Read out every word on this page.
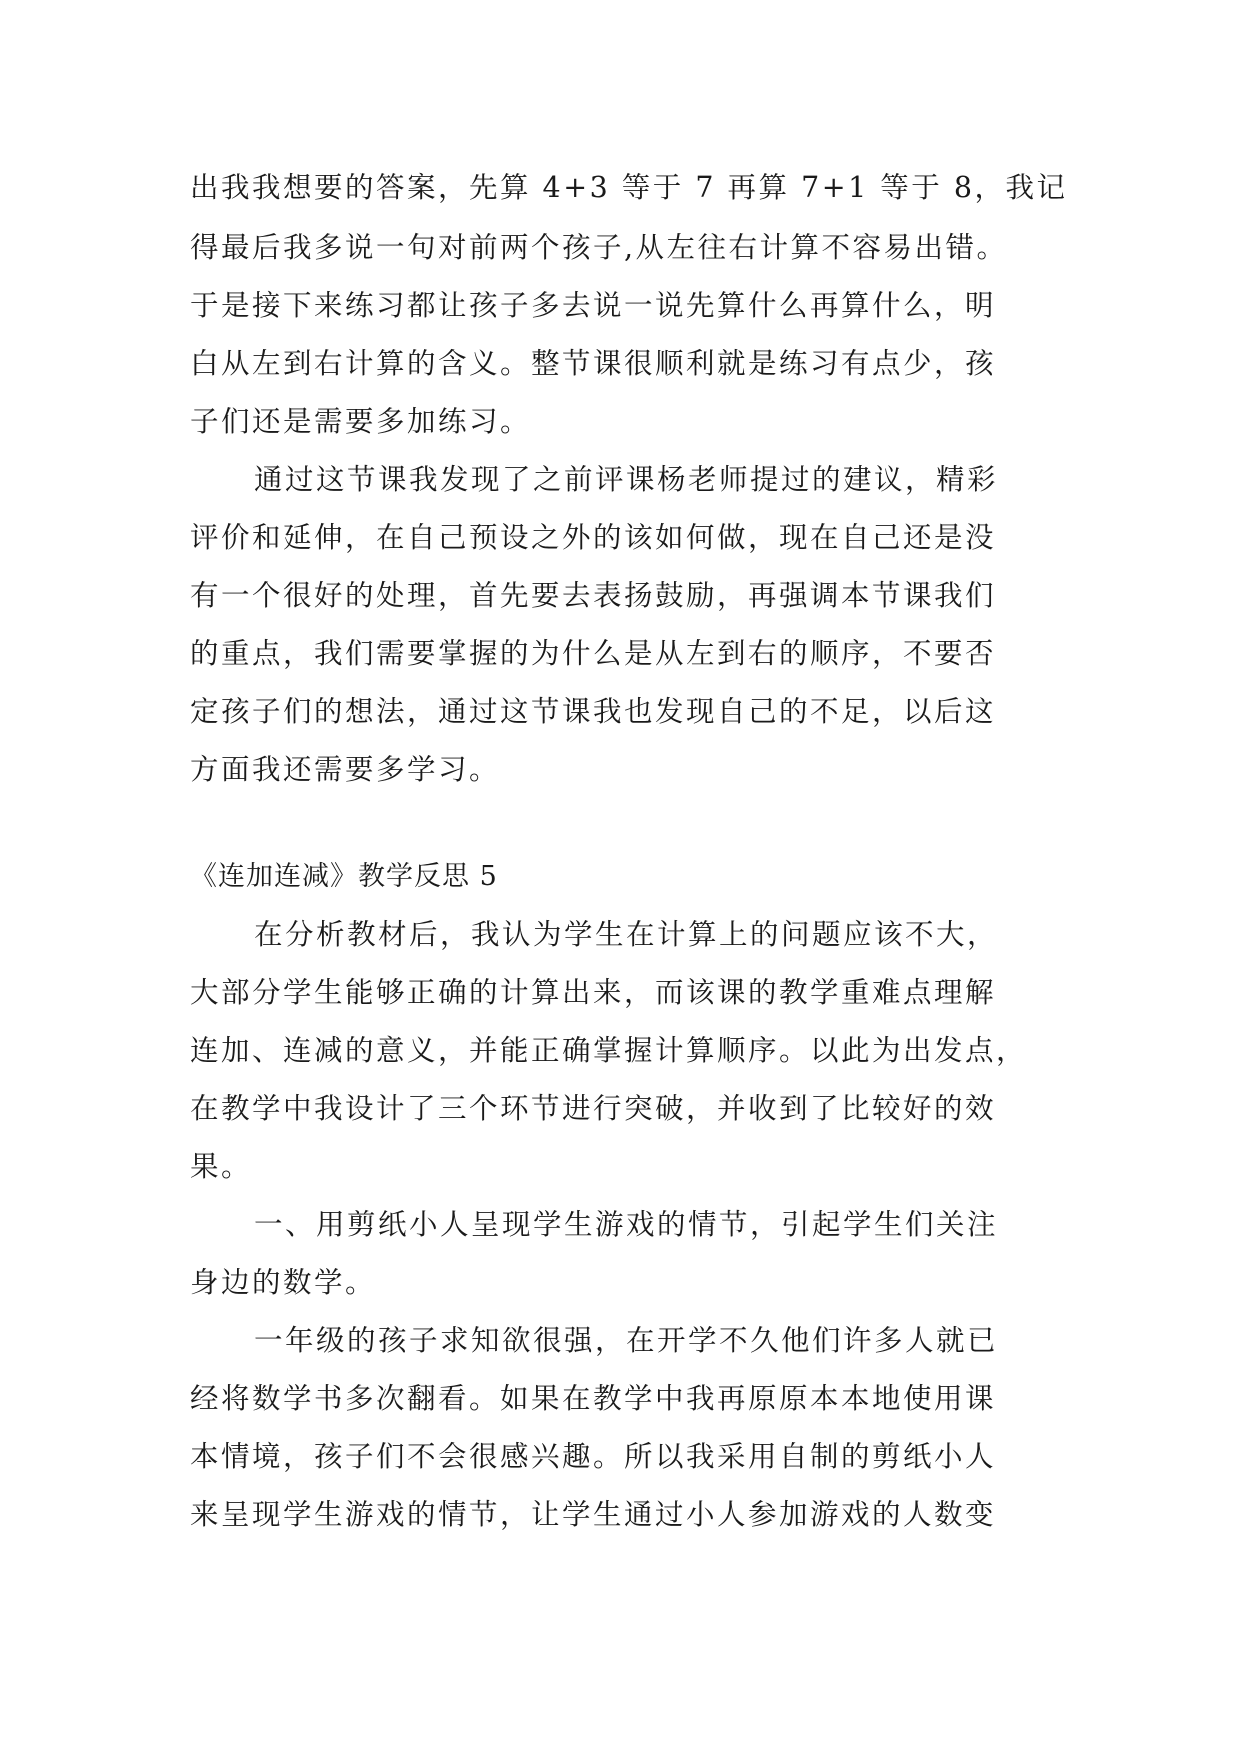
出我我想要的答案，先算 4+3 等于 7 再算 7+1 等于 8，我记
得最后我多说一句对前两个孩子,从左往右计算不容易出错。
于是接下来练习都让孩子多去说一说先算什么再算什么，明
白从左到右计算的含义。整节课很顺利就是练习有点少，孩
子们还是需要多加练习。
通过这节课我发现了之前评课杨老师提过的建议，精彩
评价和延伸，在自己预设之外的该如何做，现在自己还是没
有一个很好的处理，首先要去表扬鼓励，再强调本节课我们
的重点，我们需要掌握的为什么是从左到右的顺序，不要否
定孩子们的想法，通过这节课我也发现自己的不足，以后这
方面我还需要多学习。
《连加连减》教学反思 5
在分析教材后，我认为学生在计算上的问题应该不大，
大部分学生能够正确的计算出来，而该课的教学重难点理解
连加、连减的意义，并能正确掌握计算顺序。以此为出发点，
在教学中我设计了三个环节进行突破，并收到了比较好的效
果。
一、用剪纸小人呈现学生游戏的情节，引起学生们关注
身边的数学。
一年级的孩子求知欲很强，在开学不久他们许多人就已
经将数学书多次翻看。如果在教学中我再原原本本地使用课
本情境，孩子们不会很感兴趣。所以我采用自制的剪纸小人
来呈现学生游戏的情节，让学生通过小人参加游戏的人数变
